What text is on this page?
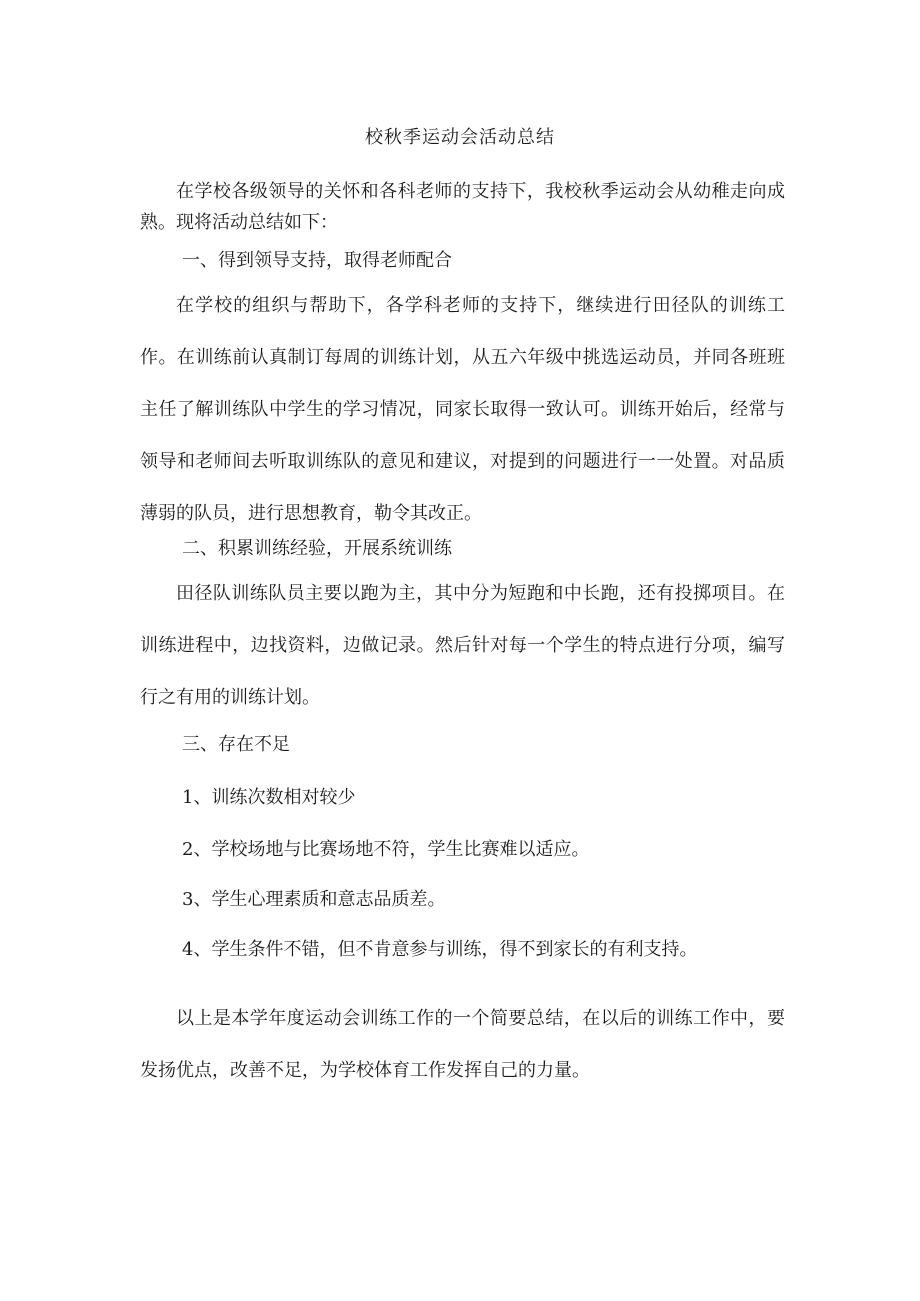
校秋季运动会活动总结

在学校各级领导的关怀和各科老师的支持下，我校秋季运动会从幼稚走向成熟。现将活动总结如下：

一、得到领导支持，取得老师配合

在学校的组织与帮助下，各学科老师的支持下，继续进行田径队的训练工作。在训练前认真制订每周的训练计划，从五六年级中挑选运动员，并同各班班主任了解训练队中学生的学习情况，同家长取得一致认可。训练开始后，经常与领导和老师间去听取训练队的意见和建议，对提到的问题进行一一处置。对品质薄弱的队员，进行思想教育，勒令其改正。

二、积累训练经验，开展系统训练

田径队训练队员主要以跑为主，其中分为短跑和中长跑，还有投掷项目。在训练进程中，边找资料，边做记录。然后针对每一个学生的特点进行分项，编写行之有用的训练计划。

三、存在不足
1、训练次数相对较少
2、学校场地与比赛场地不符，学生比赛难以适应。
3、学生心理素质和意志品质差。
4、学生条件不错，但不肯意参与训练，得不到家长的有利支持。

以上是本学年度运动会训练工作的一个简要总结，在以后的训练工作中，要发扬优点，改善不足，为学校体育工作发挥自己的力量。
